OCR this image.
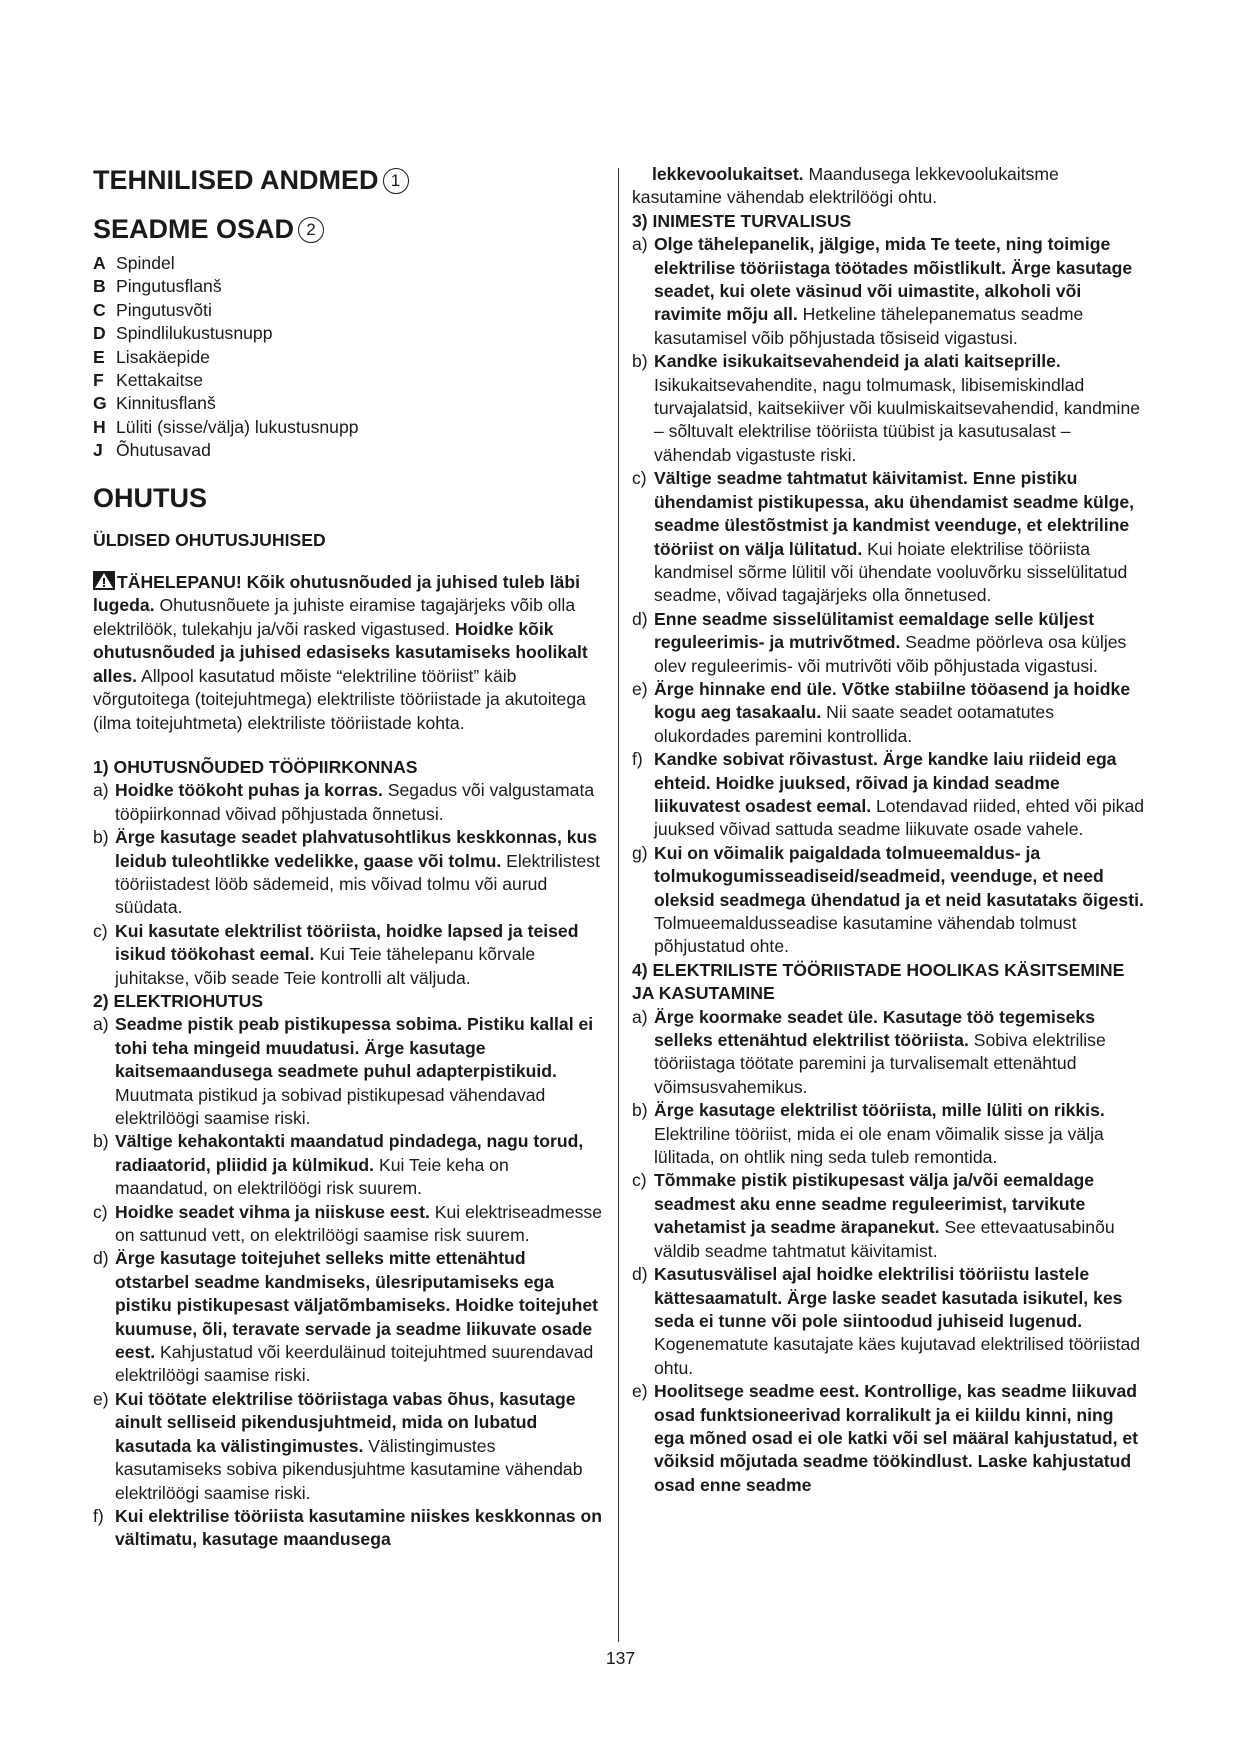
TEHNILISED ANDMED 1
SEADME OSAD 2
A Spindel
B Pingutusflanš
C Pingutusvõti
D Spindlilukustusnupp
E Lisakäepide
F Kettakaitse
G Kinnitusflanš
H Lüliti (sisse/välja) lukustusnupp
J Õhutusavad
OHUTUS
ÜLDISED OHUTUSJUHISED

TÄHELEPANU! Kõik ohutusnõuded ja juhised tuleb läbi lugeda. Ohutusnõuete ja juhiste eiramise tagajärjeks võib olla elektrilöök, tulekahju ja/või rasked vigastused. Hoidke kõik ohutusnõuded ja juhised edasiseks kasutamiseks hoolikalt alles. Allpool kasutatud mõiste “elektriline tööriist” käib võrgutoitega (toitejuhtmega) elektriliste tööriistade ja akutoitega (ilma toitejuhtmeta) elektriliste tööriistade kohta.

1) OHUTUSNÕUDED TÖÖPIIRKONNAS
a) Hoidke töökoht puhas ja korras. Segadus või valgustamata tööpiirkonnad võivad põhjustada õnnetusi.
b) Ärge kasutage seadet plahvatusohtlikus keskkonnas, kus leidub tuleohtlikke vedelikke, gaase või tolmu. Elektrilistest tööriistadest lööb sädemeid, mis võivad tolmu või aurud süüdata.
c) Kui kasutate elektrilist tööriista, hoidke lapsed ja teised isikud töökohast eemal. Kui Teie tähelepanu kõrvale juhitakse, võib seade Teie kontrolli alt väljuda.
2) ELEKTRIOHUTUS
a) Seadme pistik peab pistikupessa sobima. Pistiku kallal ei tohi teha mingeid muudatusi. Ärge kasutage kaitsemaandusega seadmete puhul adapterpistikuid. Muutmata pistikud ja sobivad pistikupesad vähendavad elektrilöögi saamise riski.
b) Vältige kehakontakti maandatud pindadega, nagu torud, radiaatorid, pliidid ja külmikud. Kui Teie keha on maandatud, on elektrilöögi risk suurem.
c) Hoidke seadet vihma ja niiskuse eest. Kui elektriseadmesse on sattunud vett, on elektrilöögi saamise risk suurem.
d) Ärge kasutage toitejuhet selleks mitte ettenähtud otstarbel seadme kandmiseks, ülesriputamiseks ega pistiku pistikupesast väljatõmbamiseks. Hoidke toitejuhet kuumuse, õli, teravate servade ja seadme liikuvate osade eest. Kahjustatud või keerduläinud toitejuhtmed suurendavad elektrilöögi saamise riski.
e) Kui töötate elektrilise tööriistaga vabas õhus, kasutage ainult selliseid pikendusjuhtmeid, mida on lubatud kasutada ka välistingimustes. Välistingimustes kasutamiseks sobiva pikendusjuhtme kasutamine vähendab elektrilöögi saamise riski.
f) Kui elektrilise tööriista kasutamine niiskes keskkonnas on vältimatu, kasutage maandusega

lekkevoolukaitset. Maandusega lekkevoolukaitsme kasutamine vähendab elektrilöögi ohtu.

3) INIMESTE TURVALISUS
a) Olge tähelepanelik, jälgige, mida Te teete, ning toimige elektrilise tööriistaga töötades mõistlikult. Ärge kasutage seadet, kui olete väsinud või uimastite, alkoholi või ravimite mõju all. Hetkeline tähelepanematus seadme kasutamisel võib põhjustada tõsiseid vigastusi.
b) Kandke isikukaitsevahendeid ja alati kaitseprille. Isikukaitsevahendite, nagu tolmumask, libisemiskindlad turvajalatsid, kaitsekiiver või kuulmiskaitsevahendid, kandmine – sõltuvalt elektrilise tööriista tüübist ja kasutusalast – vähendab vigastuste riski.
c) Vältige seadme tahtmatut käivitamist. Enne pistiku ühendamist pistikupessa, aku ühendamist seadme külge, seadme ülestõstmist ja kandmist veenduge, et elektriline tööriist on välja lülitatud. Kui hoiate elektrilise tööriista kandmisel sõrme lülitil või ühendate vooluvõrku sisselülitatud seadme, võivad tagajärjeks olla õnnetused.
d) Enne seadme sisselülitamist eemaldage selle küljest reguleerimis- ja mutrivõtmed. Seadme pöörleva osa küljes olev reguleerimis- või mutrivõti võib põhjustada vigastusi.
e) Ärge hinnake end üle. Võtke stabiilne tööasend ja hoidke kogu aeg tasakaalu. Nii saate seadet ootamatutes olukordades paremini kontrollida.
f) Kandke sobivat rõivastust. Ärge kandke laiu riideid ega ehteid. Hoidke juuksed, rõivad ja kindad seadme liikuvatest osadest eemal. Lotendavad riided, ehted või pikad juuksed võivad sattuda seadme liikuvate osade vahele.
g) Kui on võimalik paigaldada tolmueemaldus- ja tolmukogumisseadiseid/seadmeid, veenduge, et need oleksid seadmega ühendatud ja et neid kasutataks õigesti. Tolmueemaldusseadise kasutamine vähendab tolmust põhjustatud ohte.
4) ELEKTRILISTE TÖÖRIISTADE HOOLIKAS KÄSITSEMINE JA KASUTAMINE
a) Ärge koormake seadet üle. Kasutage töö tegemiseks selleks ettenähtud elektrilist tööriista. Sobiva elektrilise tööriistaga töötate paremini ja turvalisemalt ettenähtud võimsusvahemikus.
b) Ärge kasutage elektrilist tööriista, mille lüliti on rikkis. Elektriline tööriist, mida ei ole enam võimalik sisse ja välja lülitada, on ohtlik ning seda tuleb remontida.
c) Tõmmake pistik pistikupesast välja ja/või eemaldage seadmest aku enne seadme reguleerimist, tarvikute vahetamist ja seadme ärapanekut. See ettevaatusabinõu väldib seadme tahtmatut käivitamist.
d) Kasutusvälisel ajal hoidke elektrilisi tööriistu lastele kättesaamatult. Ärge laske seadet kasutada isikutel, kes seda ei tunne või pole siintoodud juhiseid lugenud. Kogenematute kasutajate käes kujutavad elektrilised tööriistad ohtu.
e) Hoolitsege seadme eest. Kontrollige, kas seadme liikuvad osad funktsioneerivad korralikult ja ei kiildu kinni, ning ega mõned osad ei ole katki või sel määral kahjustatud, et võiksid mõjutada seadme töökindlust. Laske kahjustatud osad enne seadme
137
